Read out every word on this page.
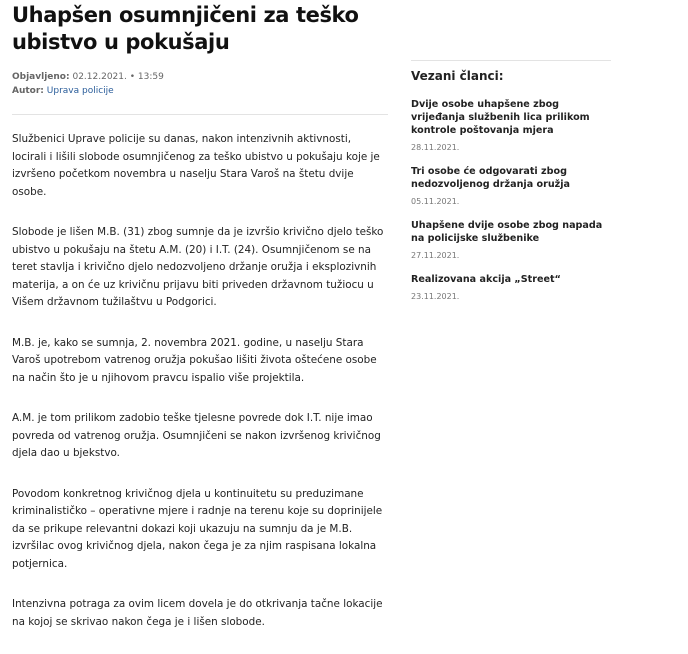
Uhapšen osumnjičeni za teško ubistvo u pokušaju
Objavljeno: 02.12.2021. • 13:59
Autor: Uprava policije

Službenici Uprave policije su danas, nakon intenzivnih aktivnosti, locirali i lišili slobode osumnjičenog za teško ubistvo u pokušaju koje je izvršeno početkom novembra u naselju Stara Varoš na štetu dvije osobe.

Slobode je lišen M.B. (31) zbog sumnje da je izvršio krivično djelo teško ubistvo u pokušaju na štetu A.M. (20) i I.T. (24). Osumnjičenom se na teret stavlja i krivično djelo nedozvoljeno držanje oružja i eksplozivnih materija, a on će uz krivičnu prijavu biti priveden državnom tužiocu u Višem državnom tužilaštvu u Podgorici.

M.B. je, kako se sumnja, 2. novembra 2021. godine, u naselju Stara Varoš upotrebom vatrenog oružja pokušao lišiti života oštećene osobe na način što je u njihovom pravcu ispalio više projektila.

A.M. je tom prilikom zadobio teške tjelesne povrede dok I.T. nije imao povreda od vatrenog oružja. Osumnjičeni se nakon izvršenog krivičnog djela dao u bjekstvo.

Povodom konkretnog krivičnog djela u kontinuitetu su preduzimane kriminalističko – operativne mjere i radnje na terenu koje su doprinijele da se prikupe relevantni dokazi koji ukazuju na sumnju da je M.B. izvršilac ovog krivičnog djela, nakon čega je za njim raspisana lokalna potjernica.

Intenzivna potraga za ovim licem dovela je do otkrivanja tačne lokacije na kojoj se skrivao nakon čega je i lišen slobode.

Vezani članci:
Dvije osobe uhapšene zbog vrijeđanja službenih lica prilikom kontrole poštovanja mjera
28.11.2021.
Tri osobe će odgovarati zbog nedozvoljenog držanja oružja
05.11.2021.
Uhapšene dvije osobe zbog napada na policijske službenike
27.11.2021.
Realizovana akcija „Street“
23.11.2021.
